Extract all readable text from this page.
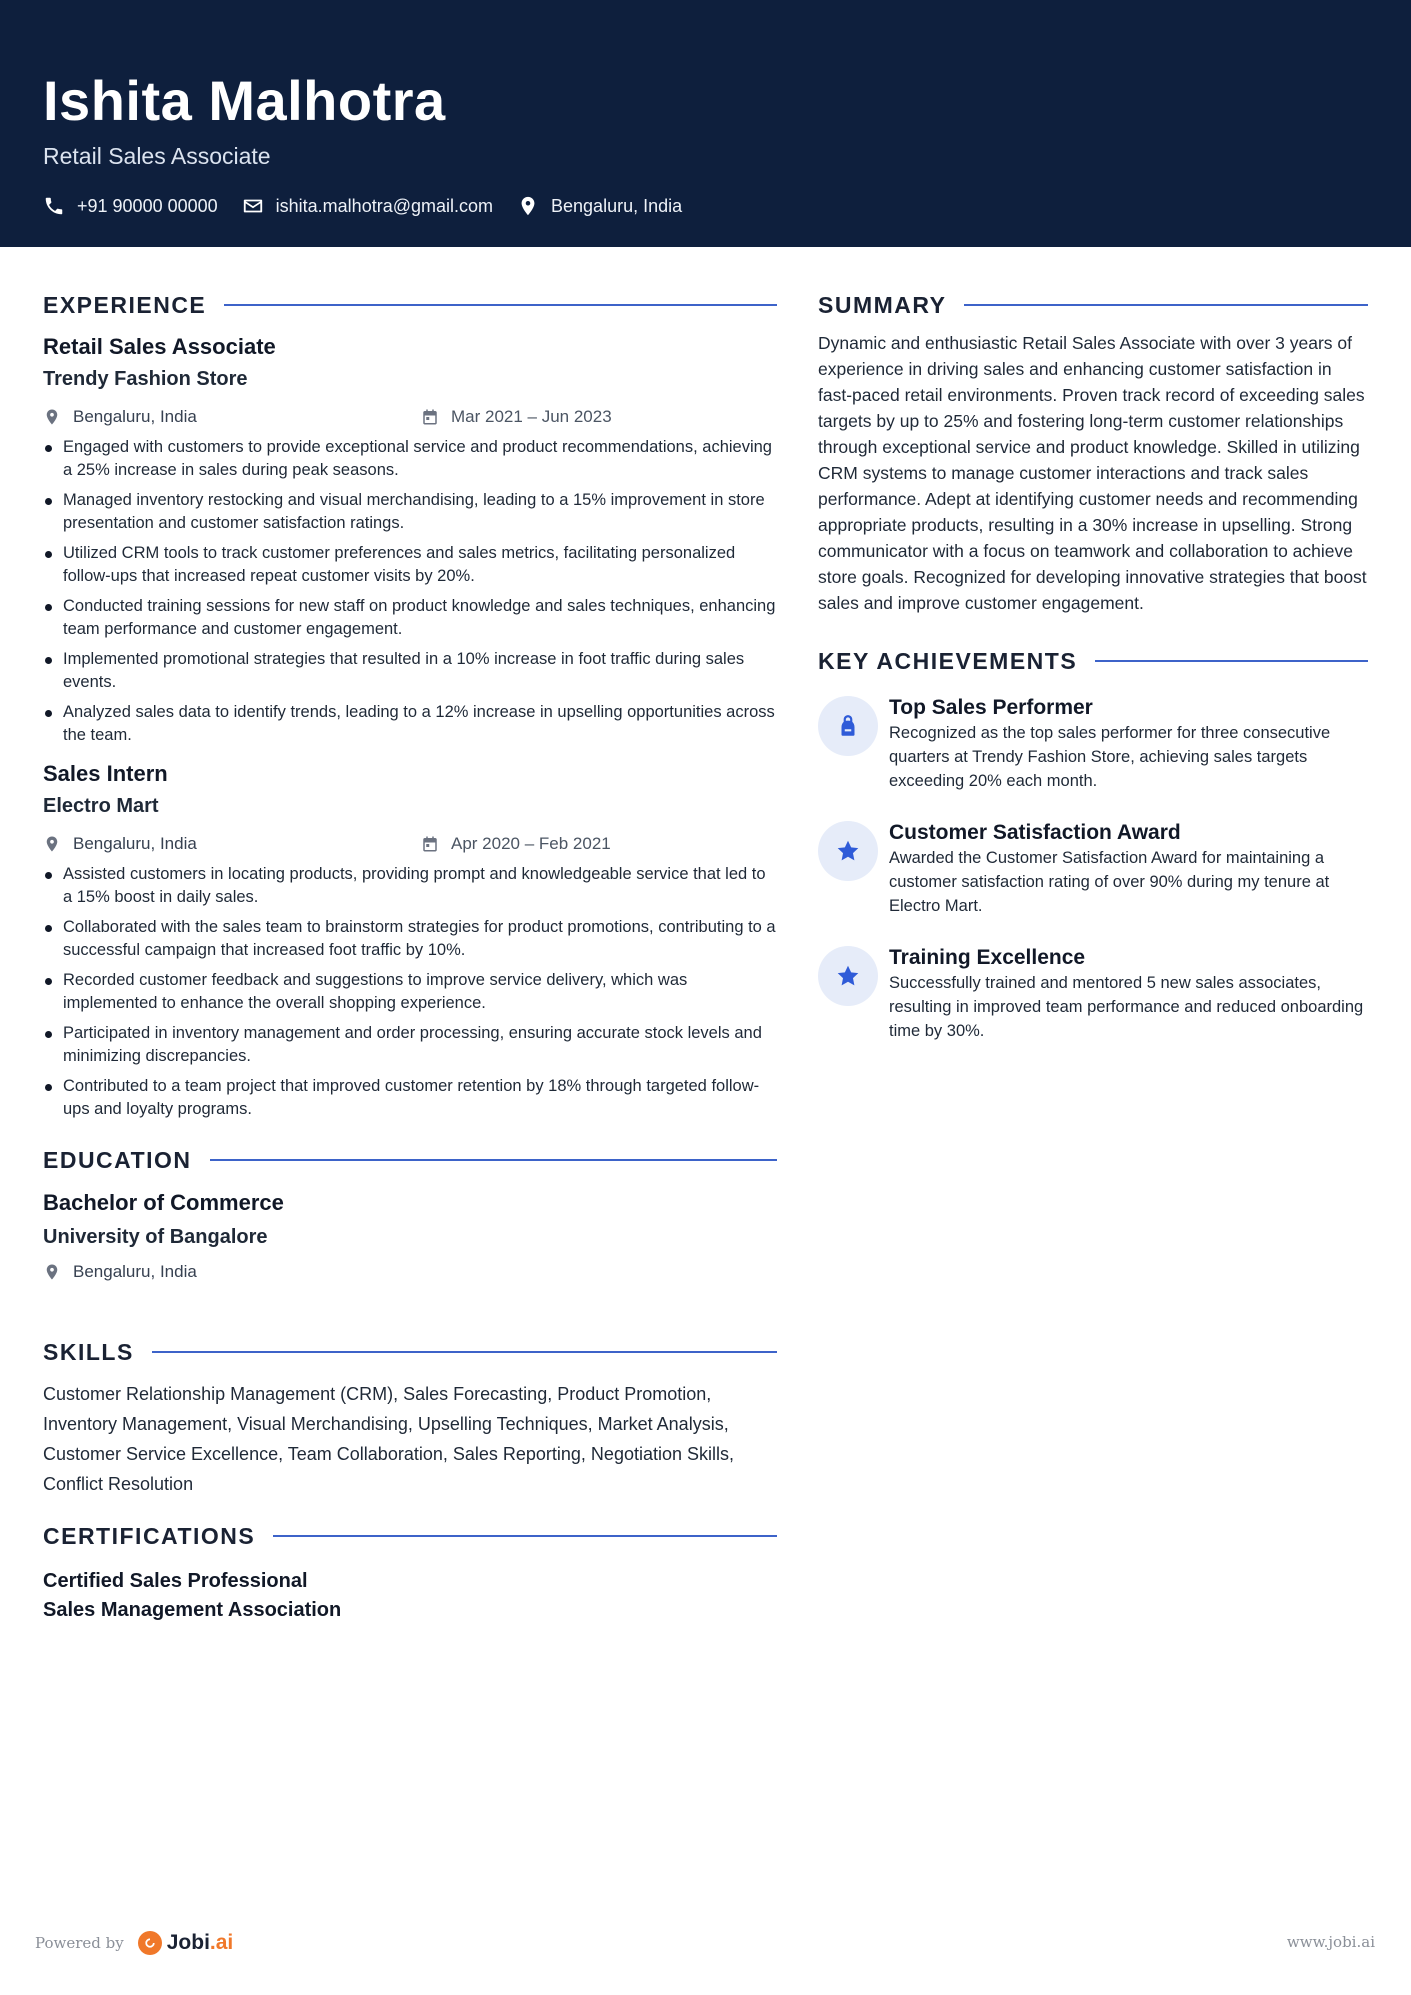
Ishita Malhotra
Retail Sales Associate
+91 90000 00000	ishita.malhotra@gmail.com	Bengaluru, India
EXPERIENCE
Retail Sales Associate
Trendy Fashion Store
Bengaluru, India	Mar 2021 – Jun 2023
Engaged with customers to provide exceptional service and product recommendations, achieving a 25% increase in sales during peak seasons.
Managed inventory restocking and visual merchandising, leading to a 15% improvement in store presentation and customer satisfaction ratings.
Utilized CRM tools to track customer preferences and sales metrics, facilitating personalized follow-ups that increased repeat customer visits by 20%.
Conducted training sessions for new staff on product knowledge and sales techniques, enhancing team performance and customer engagement.
Implemented promotional strategies that resulted in a 10% increase in foot traffic during sales events.
Analyzed sales data to identify trends, leading to a 12% increase in upselling opportunities across the team.
Sales Intern
Electro Mart
Bengaluru, India	Apr 2020 – Feb 2021
Assisted customers in locating products, providing prompt and knowledgeable service that led to a 15% boost in daily sales.
Collaborated with the sales team to brainstorm strategies for product promotions, contributing to a successful campaign that increased foot traffic by 10%.
Recorded customer feedback and suggestions to improve service delivery, which was implemented to enhance the overall shopping experience.
Participated in inventory management and order processing, ensuring accurate stock levels and minimizing discrepancies.
Contributed to a team project that improved customer retention by 18% through targeted follow-ups and loyalty programs.
EDUCATION
Bachelor of Commerce
University of Bangalore
Bengaluru, India
SKILLS
Customer Relationship Management (CRM), Sales Forecasting, Product Promotion, Inventory Management, Visual Merchandising, Upselling Techniques, Market Analysis, Customer Service Excellence, Team Collaboration, Sales Reporting, Negotiation Skills, Conflict Resolution
CERTIFICATIONS
Certified Sales Professional
Sales Management Association
SUMMARY
Dynamic and enthusiastic Retail Sales Associate with over 3 years of experience in driving sales and enhancing customer satisfaction in fast-paced retail environments. Proven track record of exceeding sales targets by up to 25% and fostering long-term customer relationships through exceptional service and product knowledge. Skilled in utilizing CRM systems to manage customer interactions and track sales performance. Adept at identifying customer needs and recommending appropriate products, resulting in a 30% increase in upselling. Strong communicator with a focus on teamwork and collaboration to achieve store goals. Recognized for developing innovative strategies that boost sales and improve customer engagement.
KEY ACHIEVEMENTS
Top Sales Performer
Recognized as the top sales performer for three consecutive quarters at Trendy Fashion Store, achieving sales targets exceeding 20% each month.
Customer Satisfaction Award
Awarded the Customer Satisfaction Award for maintaining a customer satisfaction rating of over 90% during my tenure at Electro Mart.
Training Excellence
Successfully trained and mentored 5 new sales associates, resulting in improved team performance and reduced onboarding time by 30%.
Powered by Jobi.ai	www.jobi.ai
